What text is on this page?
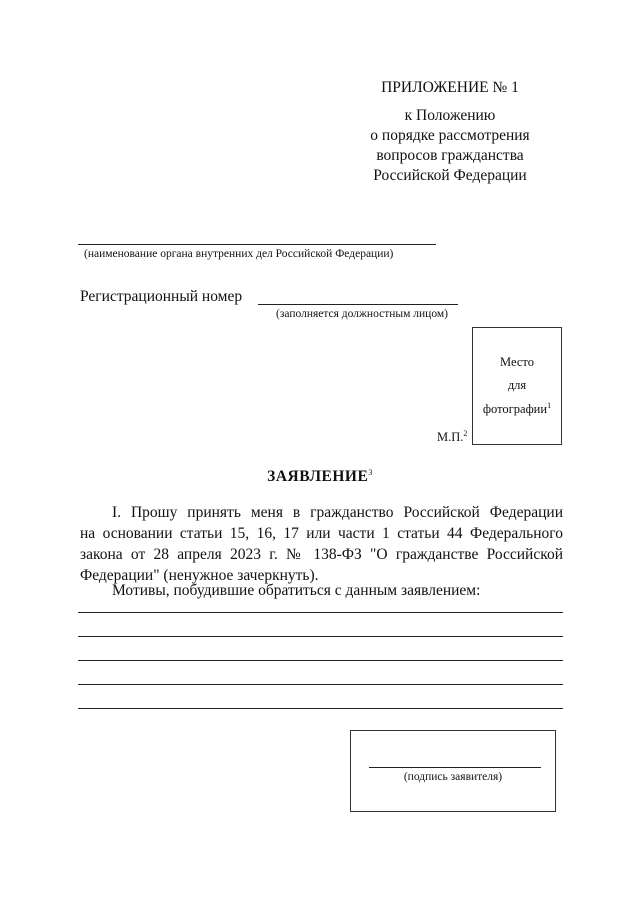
ПРИЛОЖЕНИЕ № 1
к Положению
о порядке рассмотрения
вопросов гражданства
Российской Федерации
(наименование органа внутренних дел Российской Федерации)
Регистрационный номер
(заполняется должностным лицом)
Место
для
фотографии$^1$
М.П.$^2$
ЗАЯВЛЕНИЕ$^3$
I. Прошу принять меня в гражданство Российской Федерации
на основании статьи 15, 16, 17 или части 1 статьи 44 Федерального
закона от 28 апреля 2023 г. № 138-ФЗ "О гражданстве Российской
Федерации" (ненужное зачеркнуть).
Мотивы, побудившие обратиться с данным заявлением:
(подпись заявителя)
